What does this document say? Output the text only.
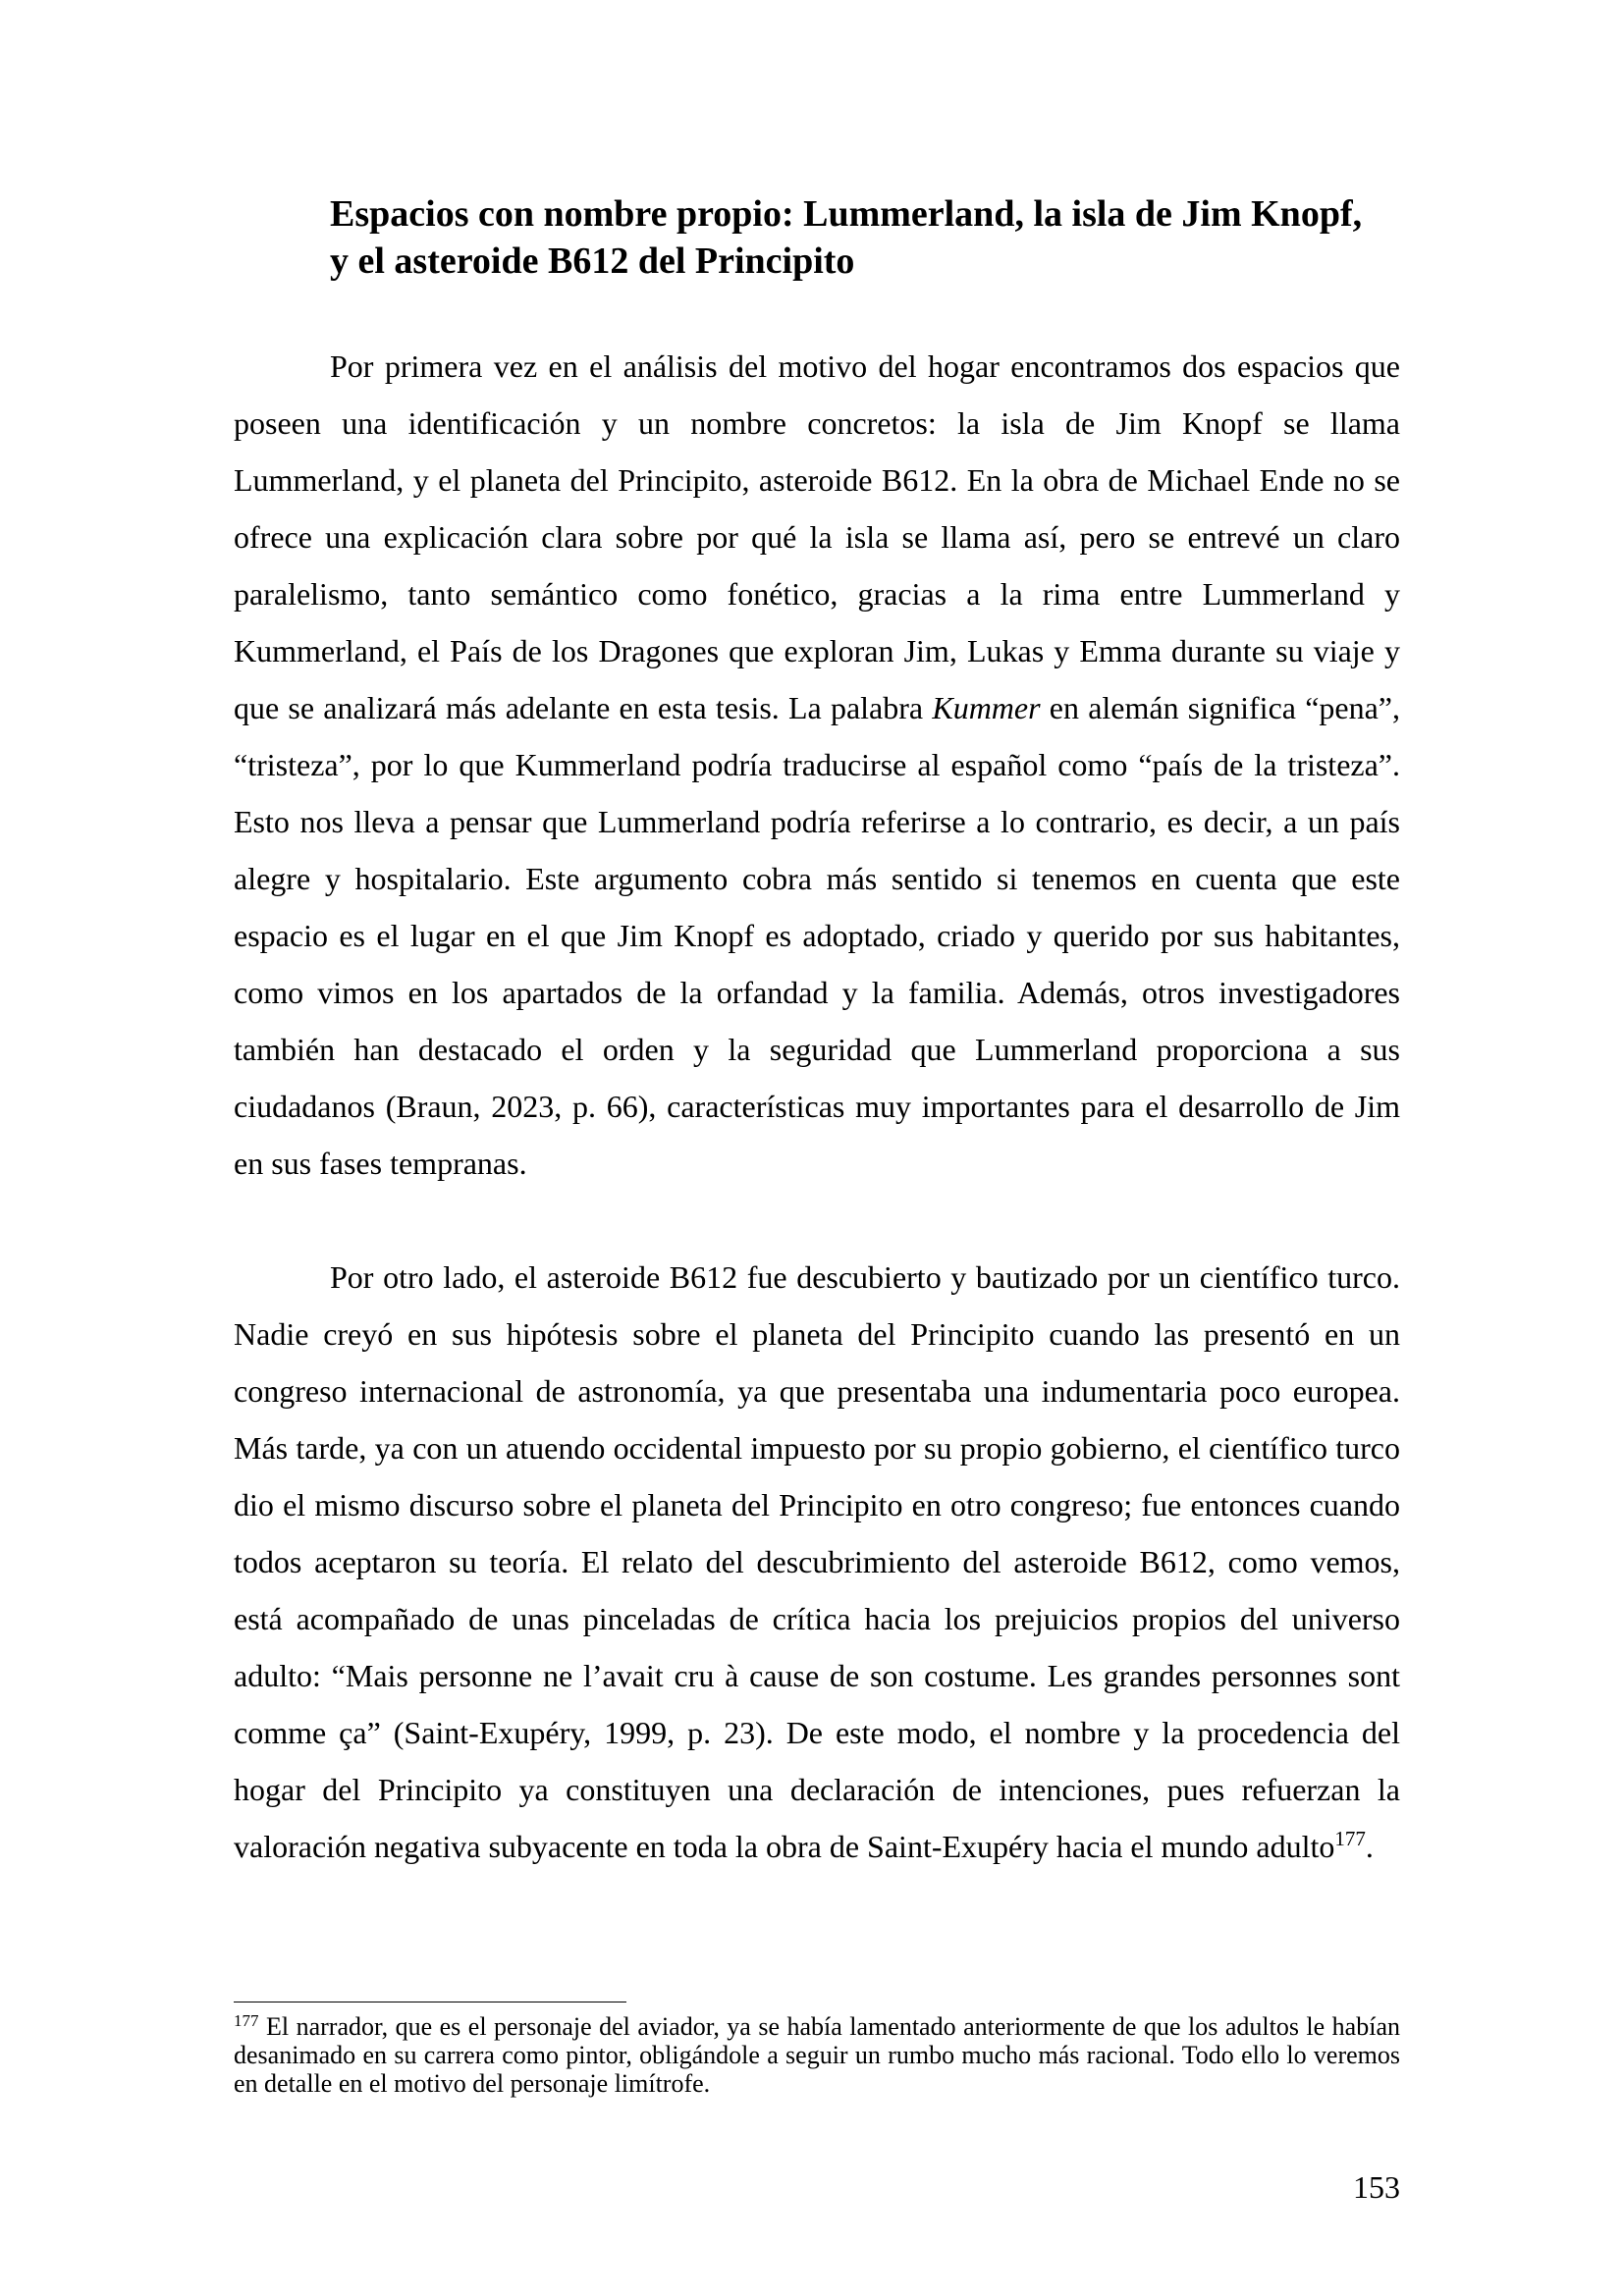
Espacios con nombre propio: Lummerland, la isla de Jim Knopf,
y el asteroide B612 del Principito

Por primera vez en el análisis del motivo del hogar encontramos dos espacios que poseen una identificación y un nombre concretos: la isla de Jim Knopf se llama Lummerland, y el planeta del Principito, asteroide B612. En la obra de Michael Ende no se ofrece una explicación clara sobre por qué la isla se llama así, pero se entrevé un claro paralelismo, tanto semántico como fonético, gracias a la rima entre Lummerland y Kummerland, el País de los Dragones que exploran Jim, Lukas y Emma durante su viaje y que se analizará más adelante en esta tesis. La palabra Kummer en alemán significa “pena”, “tristeza”, por lo que Kummerland podría traducirse al español como “país de la tristeza”. Esto nos lleva a pensar que Lummerland podría referirse a lo contrario, es decir, a un país alegre y hospitalario. Este argumento cobra más sentido si tenemos en cuenta que este espacio es el lugar en el que Jim Knopf es adoptado, criado y querido por sus habitantes, como vimos en los apartados de la orfandad y la familia. Además, otros investigadores también han destacado el orden y la seguridad que Lummerland proporciona a sus ciudadanos (Braun, 2023, p. 66), características muy importantes para el desarrollo de Jim en sus fases tempranas.

Por otro lado, el asteroide B612 fue descubierto y bautizado por un científico turco. Nadie creyó en sus hipótesis sobre el planeta del Principito cuando las presentó en un congreso internacional de astronomía, ya que presentaba una indumentaria poco europea. Más tarde, ya con un atuendo occidental impuesto por su propio gobierno, el científico turco dio el mismo discurso sobre el planeta del Principito en otro congreso; fue entonces cuando todos aceptaron su teoría. El relato del descubrimiento del asteroide B612, como vemos, está acompañado de unas pinceladas de crítica hacia los prejuicios propios del universo adulto: “Mais personne ne l’avait cru à cause de son costume. Les grandes personnes sont comme ça” (Saint-Exupéry, 1999, p. 23). De este modo, el nombre y la procedencia del hogar del Principito ya constituyen una declaración de intenciones, pues refuerzan la valoración negativa subyacente en toda la obra de Saint-Exupéry hacia el mundo adulto$^{177}$.

$^{177}$ El narrador, que es el personaje del aviador, ya se había lamentado anteriormente de que los adultos le habían desanimado en su carrera como pintor, obligándole a seguir un rumbo mucho más racional. Todo ello lo veremos en detalle en el motivo del personaje limítrofe.

153
